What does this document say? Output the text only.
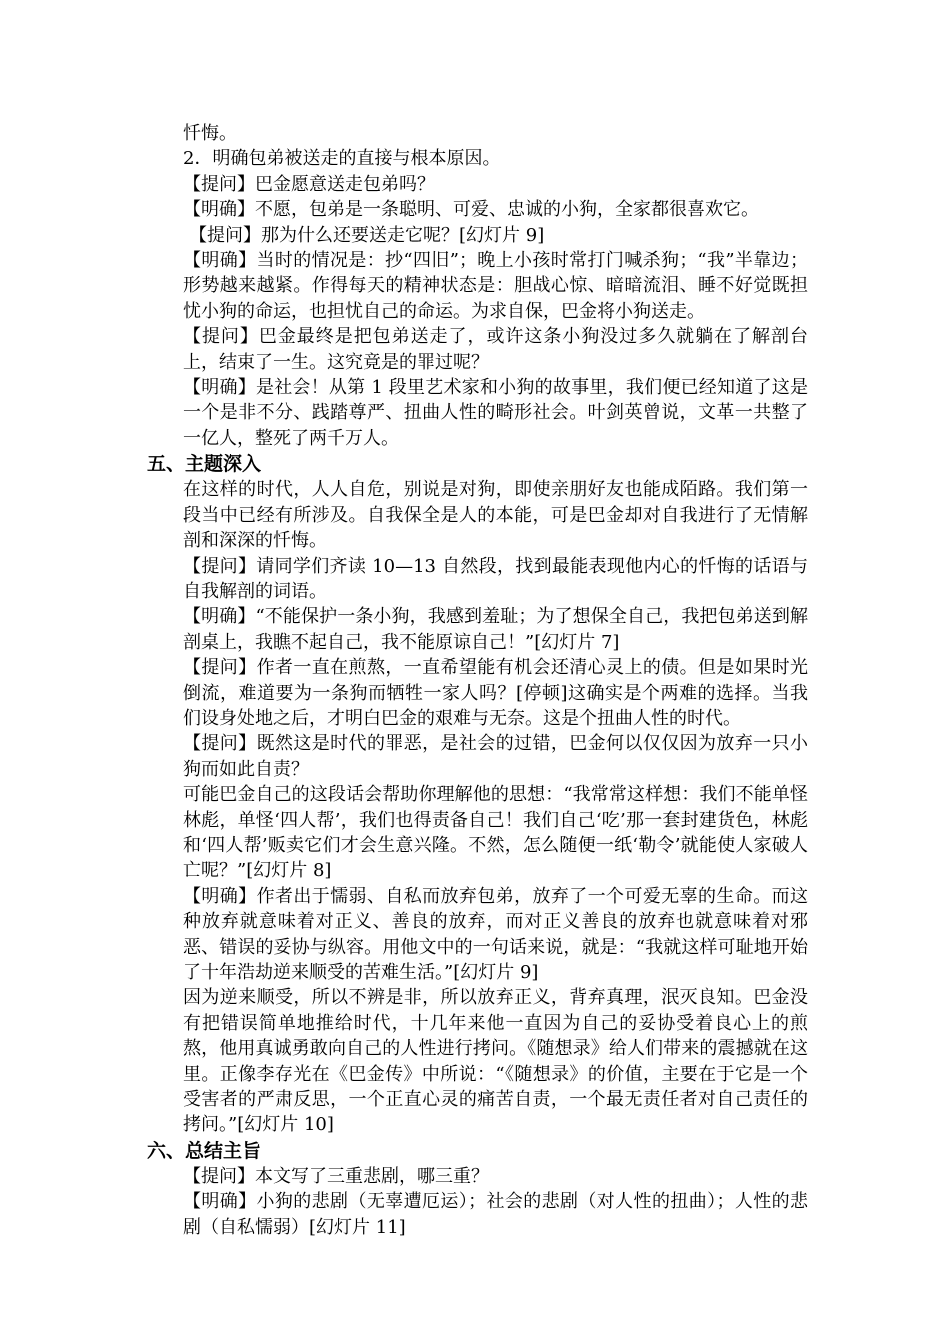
忏悔。

2．明确包弟被送走的直接与根本原因。

【提问】巴金愿意送走包弟吗？

【明确】不愿，包弟是一条聪明、可爱、忠诚的小狗，全家都很喜欢它。

【提问】那为什么还要送走它呢？[幻灯片 9]

【明确】当时的情况是：抄“四旧”；晚上小孩时常打门喊杀狗；“我”半靠边；形势越来越紧。作得每天的精神状态是：胆战心惊、暗暗流泪、睡不好觉既担忧小狗的命运，也担忧自己的命运。为求自保，巴金将小狗送走。

【提问】巴金最终是把包弟送走了，或许这条小狗没过多久就躺在了解剖台上，结束了一生。这究竟是的罪过呢？

【明确】是社会！从第 1 段里艺术家和小狗的故事里，我们便已经知道了这是一个是非不分、践踏尊严、扭曲人性的畸形社会。叶剑英曾说，文革一共整了一亿人，整死了两千万人。

五、主题深入

在这样的时代，人人自危，别说是对狗，即使亲朋好友也能成陌路。我们第一段当中已经有所涉及。自我保全是人的本能，可是巴金却对自我进行了无情解剖和深深的忏悔。

【提问】请同学们齐读 10—13 自然段，找到最能表现他内心的忏悔的话语与自我解剖的词语。

【明确】“不能保护一条小狗，我感到羞耻；为了想保全自己，我把包弟送到解剖桌上，我瞧不起自己，我不能原谅自己！”[幻灯片 7]

【提问】作者一直在煎熬，一直希望能有机会还清心灵上的债。但是如果时光倒流，难道要为一条狗而牺牲一家人吗？[停顿]这确实是个两难的选择。当我们设身处地之后，才明白巴金的艰难与无奈。这是个扭曲人性的时代。

【提问】既然这是时代的罪恶，是社会的过错，巴金何以仅仅因为放弃一只小狗而如此自责？

可能巴金自己的这段话会帮助你理解他的思想：“我常常这样想：我们不能单怪林彪，单怪‘四人帮’，我们也得责备自己！我们自己‘吃’那一套封建货色，林彪和‘四人帮’贩卖它们才会生意兴隆。不然，怎么随便一纸‘勒令’就能使人家破人亡呢？”[幻灯片 8]

【明确】作者出于懦弱、自私而放弃包弟，放弃了一个可爱无辜的生命。而这种放弃就意味着对正义、善良的放弃，而对正义善良的放弃也就意味着对邪恶、错误的妥协与纵容。用他文中的一句话来说，就是：“我就这样可耻地开始了十年浩劫逆来顺受的苦难生活。”[幻灯片 9]

因为逆来顺受，所以不辨是非，所以放弃正义，背弃真理，泯灭良知。巴金没有把错误简单地推给时代，十几年来他一直因为自己的妥协受着良心上的煎熬，他用真诚勇敢向自己的人性进行拷问。《随想录》给人们带来的震撼就在这里。正像李存光在《巴金传》中所说：“《随想录》的价值，主要在于它是一个受害者的严肃反思，一个正直心灵的痛苦自责，一个最无责任者对自己责任的拷问。”[幻灯片 10]

六、总结主旨

【提问】本文写了三重悲剧，哪三重？

【明确】小狗的悲剧（无辜遭厄运）；社会的悲剧（对人性的扭曲）；人性的悲剧（自私懦弱）[幻灯片 11]
